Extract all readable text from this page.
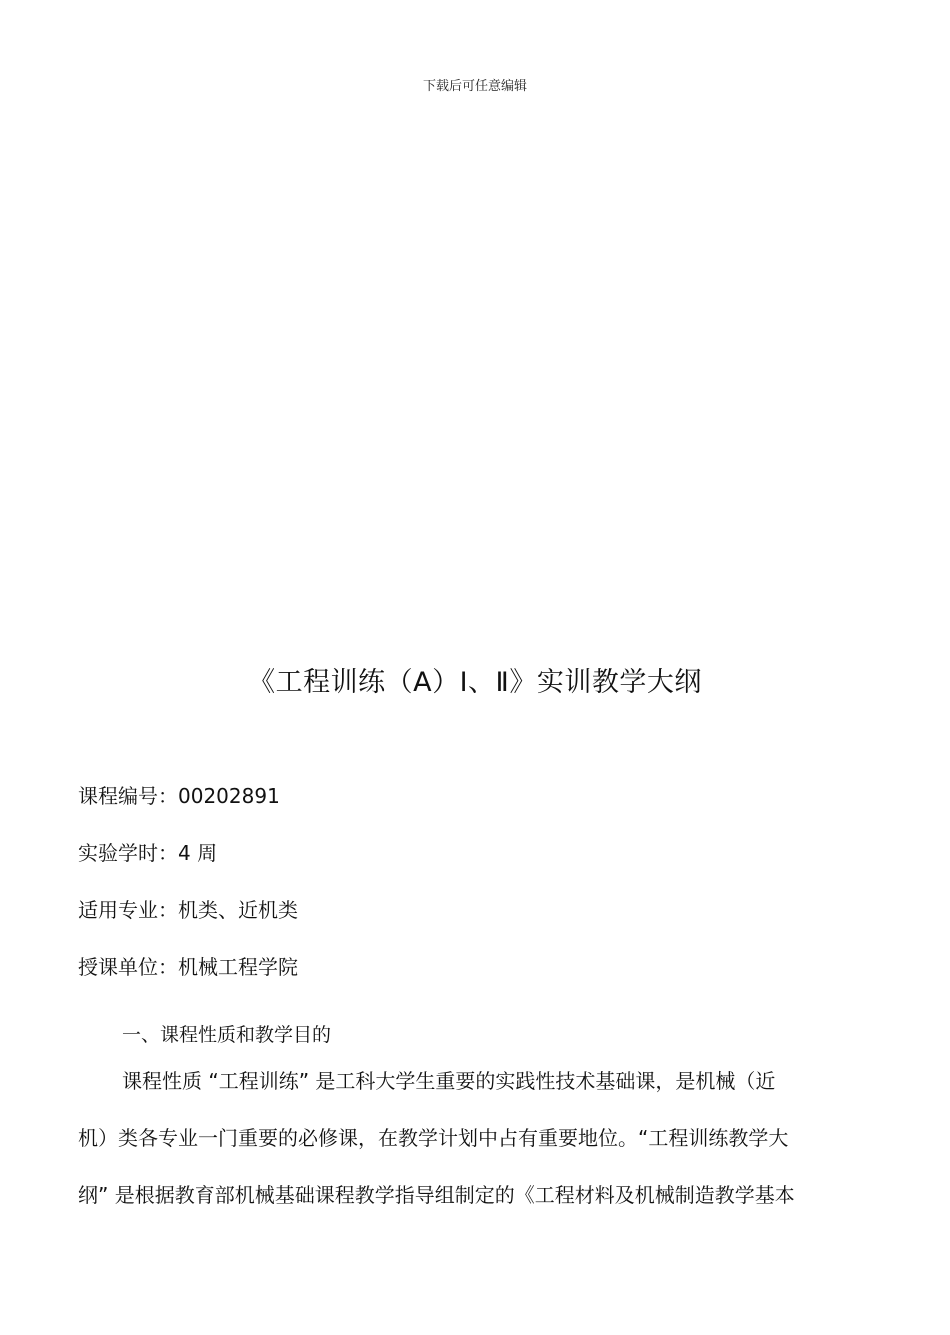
下载后可任意编辑
《工程训练（A）Ⅰ、Ⅱ》实训教学大纲
课程编号：00202891
实验学时：4 周
适用专业：机类、近机类
授课单位：机械工程学院
一、课程性质和教学目的
课程性质 “工程训练” 是工科大学生重要的实践性技术基础课，是机械（近
机）类各专业一门重要的必修课，在教学计划中占有重要地位。“工程训练教学大
纲” 是根据教育部机械基础课程教学指导组制定的《工程材料及机械制造教学基本
